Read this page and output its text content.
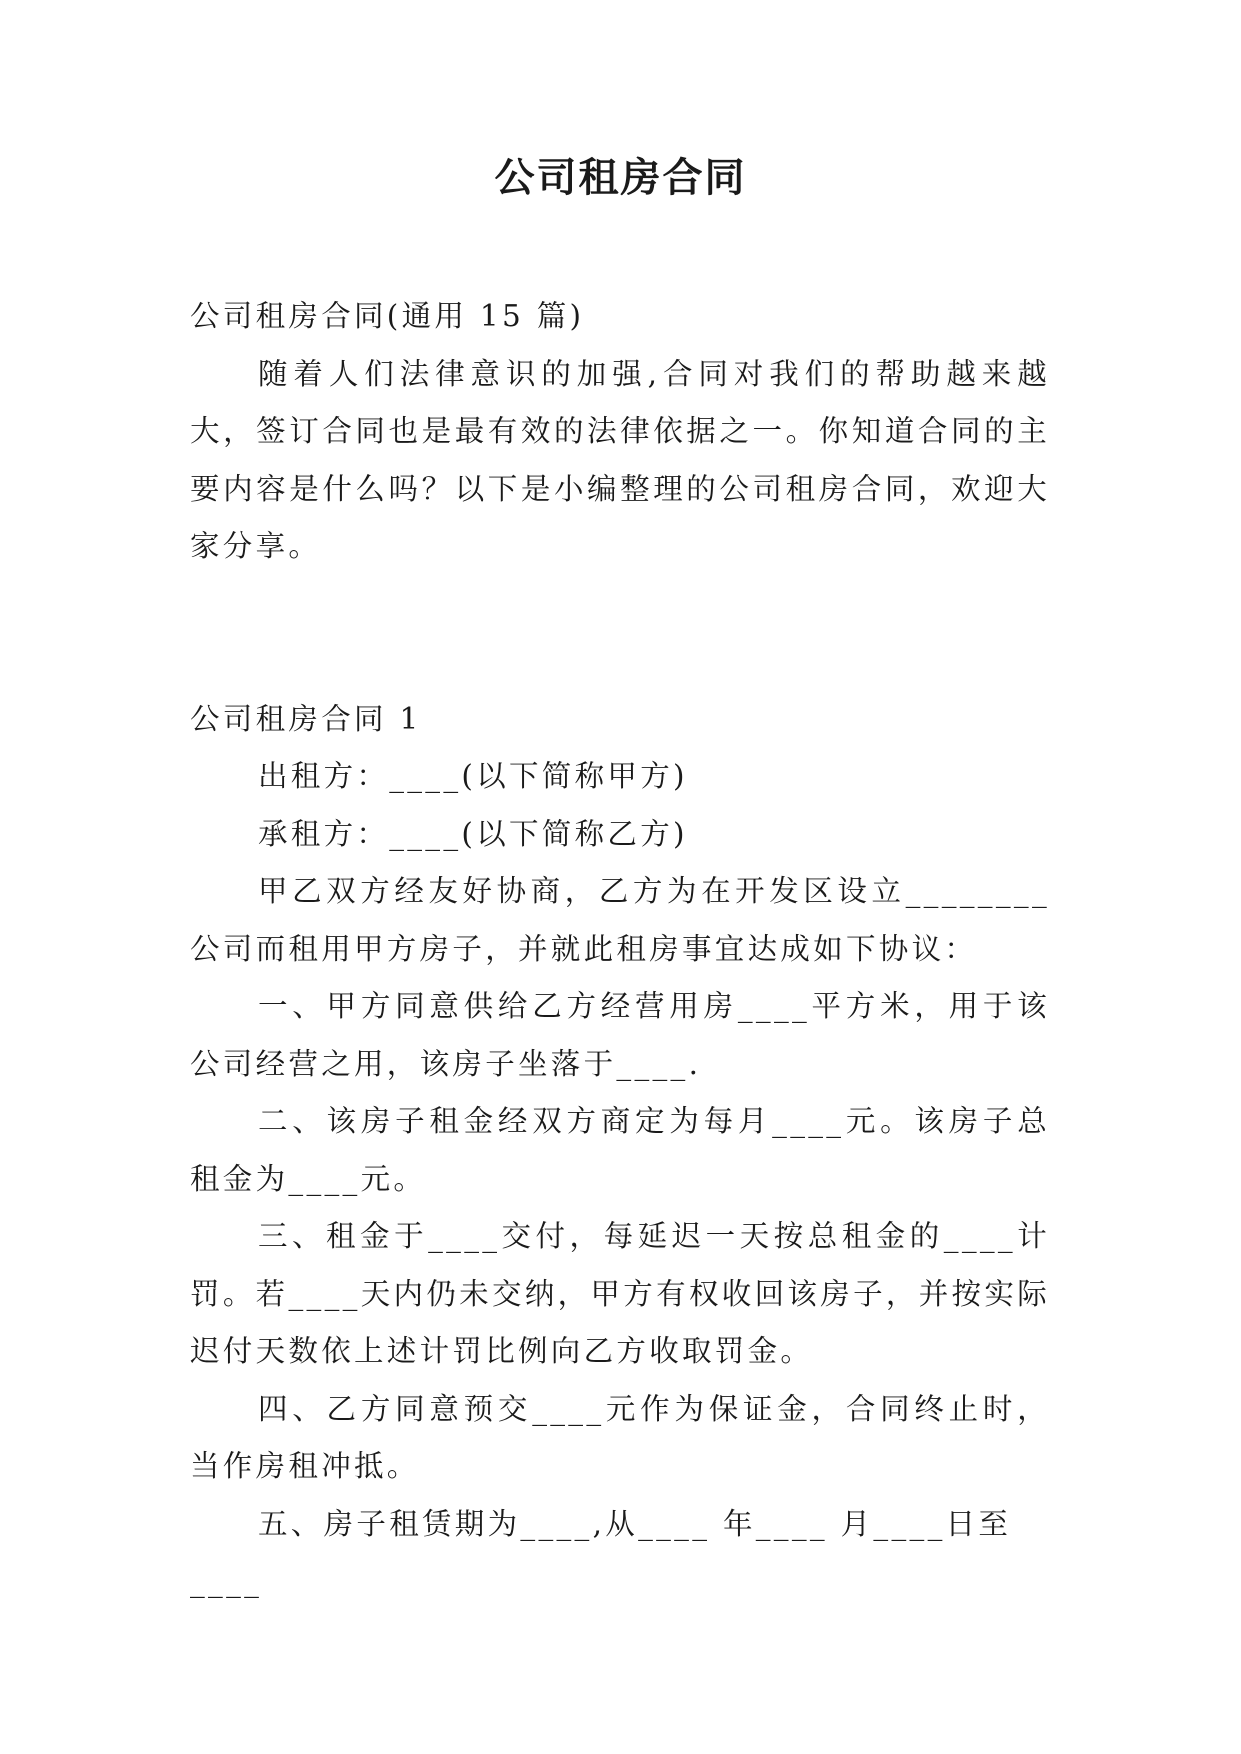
公司租房合同

公司租房合同(通用 15 篇)

随着人们法律意识的加强,合同对我们的帮助越来越大，签订合同也是最有效的法律依据之一。你知道合同的主要内容是什么吗？以下是小编整理的公司租房合同，欢迎大家分享。

公司租房合同 1

出租方：____(以下简称甲方)

承租方：____(以下简称乙方)

甲乙双方经友好协商，乙方为在开发区设立________公司而租用甲方房子，并就此租房事宜达成如下协议：

一、甲方同意供给乙方经营用房____平方米，用于该公司经营之用，该房子坐落于____.

二、该房子租金经双方商定为每月____元。该房子总租金为____元。

三、租金于____交付，每延迟一天按总租金的____计罚。若____天内仍未交纳，甲方有权收回该房子，并按实际迟付天数依上述计罚比例向乙方收取罚金。

四、乙方同意预交____元作为保证金，合同终止时，当作房租冲抵。

五、房子租赁期为____,从____ 年____ 月____日至____
